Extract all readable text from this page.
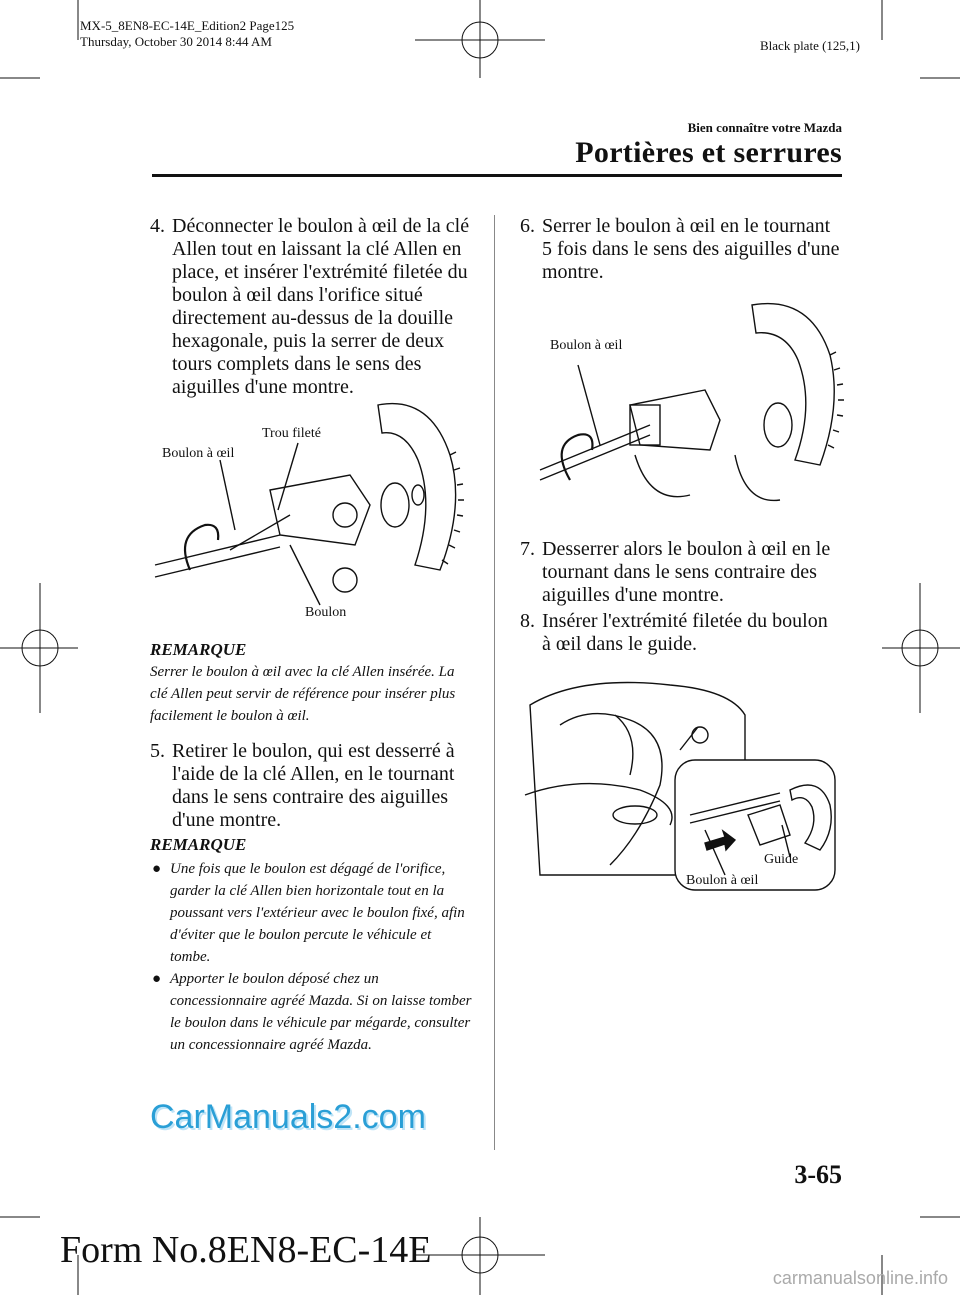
MX-5_8EN8-EC-14E_Edition2 Page125
Thursday, October 30 2014 8:44 AM	Black plate (125,1)
Bien connaître votre Mazda
Portières et serrures
4. Déconnecter le boulon à œil de la clé Allen tout en laissant la clé Allen en place, et insérer l'extrémité filetée du boulon à œil dans l'orifice situé directement au-dessus de la douille hexagonale, puis la serrer de deux tours complets dans le sens des aiguilles d'une montre.
Boulon à œil
Trou fileté
Boulon
REMARQUE
Serrer le boulon à œil avec la clé Allen insérée. La clé Allen peut servir de référence pour insérer plus facilement le boulon à œil.
5. Retirer le boulon, qui est desserré à l'aide de la clé Allen, en le tournant dans le sens contraire des aiguilles d'une montre.
REMARQUE
● Une fois que le boulon est dégagé de l'orifice, garder la clé Allen bien horizontale tout en la poussant vers l'extérieur avec le boulon fixé, afin d'éviter que le boulon percute le véhicule et tombe.
● Apporter le boulon déposé chez un concessionnaire agréé Mazda. Si on laisse tomber le boulon dans le véhicule par mégarde, consulter un concessionnaire agréé Mazda.
6. Serrer le boulon à œil en le tournant 5 fois dans le sens des aiguilles d'une montre.
Boulon à œil
7. Desserrer alors le boulon à œil en le tournant dans le sens contraire des aiguilles d'une montre.
8. Insérer l'extrémité filetée du boulon à œil dans le guide.
Guide
Boulon à œil
CarManuals2.com
3-65
Form No.8EN8-EC-14E
carmanualsonline.info
